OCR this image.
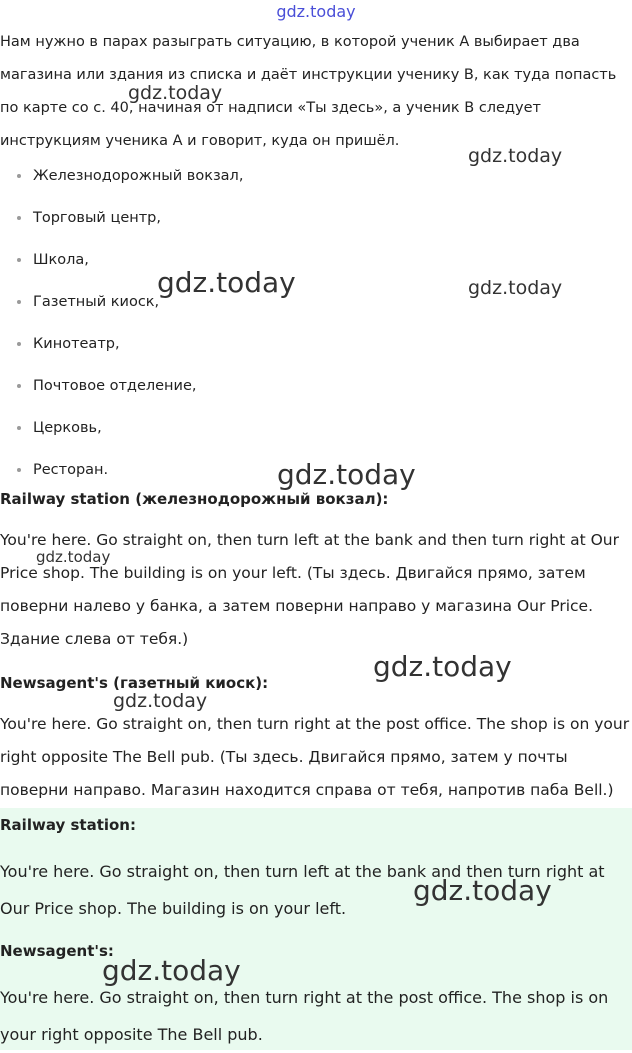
gdz.today

Нам нужно в парах разыграть ситуацию, в которой ученик А выбирает два магазина или здания из списка и даёт инструкции ученику В, как туда попасть по карте со с. 40, начиная от надписи «Ты здесь», а ученик В следует инструкциям ученика А и говорит, куда он пришёл.

Железнодорожный вокзал,
Торговый центр,
Школа,
Газетный киоск,
Кинотеатр,
Почтовое отделение,
Церковь,
Ресторан.

Railway station (железнодорожный вокзал):

You're here. Go straight on, then turn left at the bank and then turn right at Our Price shop. The building is on your left. (Ты здесь. Двигайся прямо, затем поверни налево у банка, а затем поверни направо у магазина Our Price. Здание слева от тебя.)

Newsagent's (газетный киоск):

You're here. Go straight on, then turn right at the post office. The shop is on your right opposite The Bell pub. (Ты здесь. Двигайся прямо, затем у почты поверни направо. Магазин находится справа от тебя, напротив паба Bell.)

Railway station:

You're here. Go straight on, then turn left at the bank and then turn right at Our Price shop. The building is on your left.

Newsagent's:

You're here. Go straight on, then turn right at the post office. The shop is on your right opposite The Bell pub.

gdz.today
gdz.today
gdz.today	gdz.today
gdz.today
gdz.today
gdz.today
gdz.today
gdz.today
gdz.today
